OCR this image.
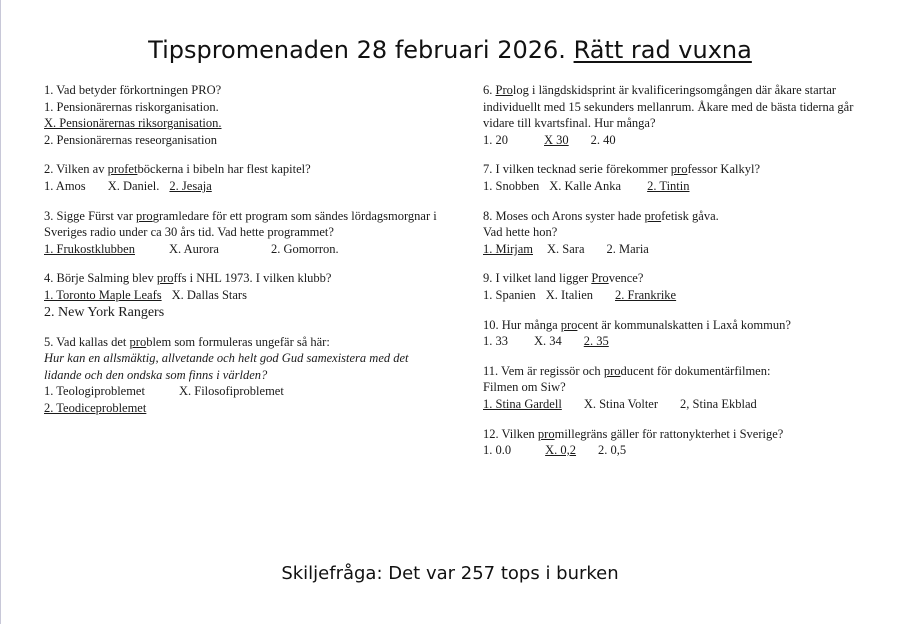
Tipspromenaden 28 februari 2026. Rätt rad vuxna
1. Vad betyder förkortningen PRO?
1. Pensionärernas riskorganisation.
X. Pensionärernas riksorganisation.
2. Pensionärernas reseorganisation
2. Vilken av profetböckerna i bibeln har flest kapitel?
1. Amos X. Daniel. 2. Jesaja
3. Sigge Fürst var programledare för ett program som sändes lördagsmorgnar i Sveriges radio under ca 30 års tid. Vad hette programmet?
1. Frukostklubben	X. Aurora	2. Gomorron.
4. Börje Salming blev proffs i NHL 1973. I vilken klubb?
1. Toronto Maple Leafs X. Dallas Stars
2. New York Rangers
5. Vad kallas det problem som formuleras ungefär så här:
Hur kan en allsmäktig, allvetande och helt god Gud samexistera med det lidande och den ondska som finns i världen?
1. Teologiproblemet	X. Filosofiproblemet
2. Teodiceproblemet
6. Prolog i längdskidsprint är kvalificeringsomgången där åkare startar individuellt med 15 sekunders mellanrum. Åkare med de bästa tiderna går vidare till kvartsfinal. Hur många?
1. 20	X 30 2. 40
7. I vilken tecknad serie förekommer professor Kalkyl?
1. Snobben X. Kalle Anka 2. Tintin
8. Moses och Arons syster hade profetisk gåva.
Vad hette hon?
1. Mirjam X. Sara 2. Maria
9. I vilket land ligger Provence?
1. Spanien X. Italien 2. Frankrike
10. Hur många procent är kommunalskatten i Laxå kommun?
1. 33 X. 34 2. 35
11. Vem är regissör och producent för dokumentärfilmen:
Filmen om Siw?
1. Stina Gardell X. Stina Volter 2, Stina Ekblad
12. Vilken promillegräns gäller för rattonykterhet i Sverige?
1. 0.0	X. 0,2 2. 0,5
Skiljefråga: Det var 257 tops i burken
